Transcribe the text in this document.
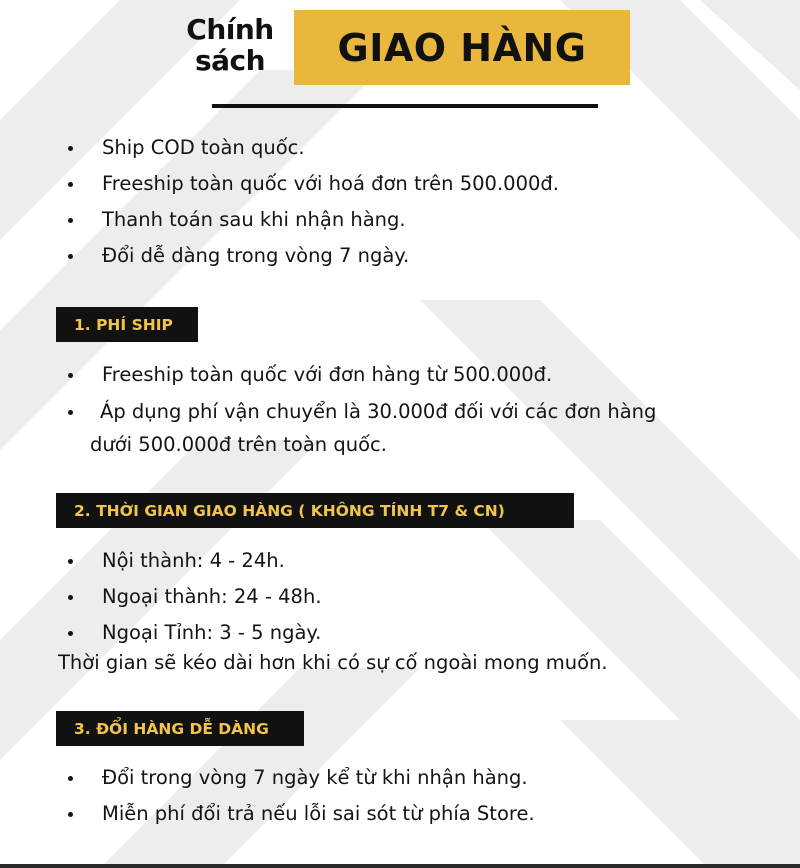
Chính
sách	GIAO HÀNG
Ship COD toàn quốc.
Freeship toàn quốc với hoá đơn trên 500.000đ.
Thanh toán sau khi nhận hàng.
Đổi dễ dàng trong vòng 7 ngày.
1. PHÍ SHIP
Freeship toàn quốc với đơn hàng từ 500.000đ.
Áp dụng phí vận chuyển là 30.000đ đối với các đơn hàng
dưới 500.000đ trên toàn quốc.
2. THỜI GIAN GIAO HÀNG ( KHÔNG TÍNH T7 & CN)
Nội thành: 4 - 24h.
Ngoại thành: 24 - 48h.
Ngoại Tỉnh: 3 - 5 ngày.
Thời gian sẽ kéo dài hơn khi có sự cố ngoài mong muốn.
3. ĐỔI HÀNG DỄ DÀNG
Đổi trong vòng 7 ngày kể từ khi nhận hàng.
Miễn phí đổi trả nếu lỗi sai sót từ phía Store.
